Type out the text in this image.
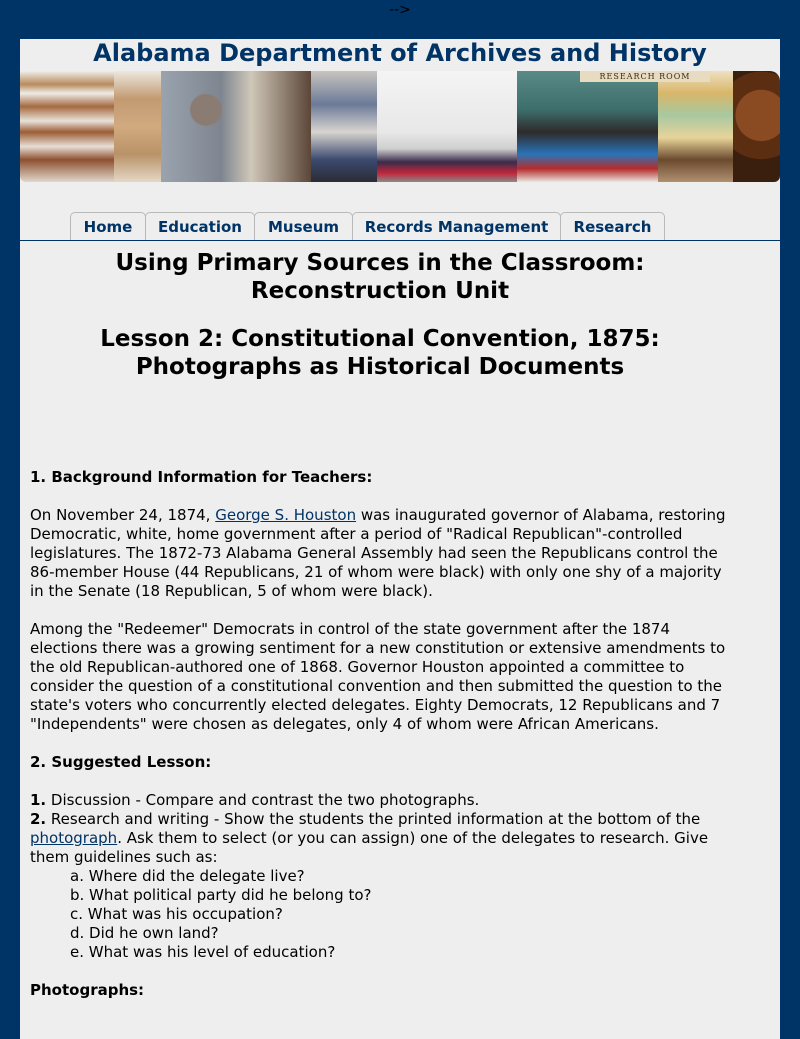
-->
Alabama Department of Archives and History
RESEARCH ROOM
Home	Education	Museum	Records Management	Research
Using Primary Sources in the Classroom: Reconstruction Unit
Lesson 2: Constitutional Convention, 1875: Photographs as Historical Documents

1. Background Information for Teachers:

On November 24, 1874, George S. Houston was inaugurated governor of Alabama, restoring Democratic, white, home government after a period of "Radical Republican"-controlled legislatures. The 1872-73 Alabama General Assembly had seen the Republicans control the 86-member House (44 Republicans, 21 of whom were black) with only one shy of a majority in the Senate (18 Republican, 5 of whom were black).

Among the "Redeemer" Democrats in control of the state government after the 1874 elections there was a growing sentiment for a new constitution or extensive amendments to the old Republican-authored one of 1868. Governor Houston appointed a committee to consider the question of a constitutional convention and then submitted the question to the state's voters who concurrently elected delegates. Eighty Democrats, 12 Republicans and 7 "Independents" were chosen as delegates, only 4 of whom were African Americans.

2. Suggested Lesson:

1. Discussion - Compare and contrast the two photographs.
2. Research and writing - Show the students the printed information at the bottom of the photograph. Ask them to select (or you can assign) one of the delegates to research. Give them guidelines such as:
a. Where did the delegate live?
b. What political party did he belong to?
c. What was his occupation?
d. Did he own land?
e. What was his level of education?

Photographs:
